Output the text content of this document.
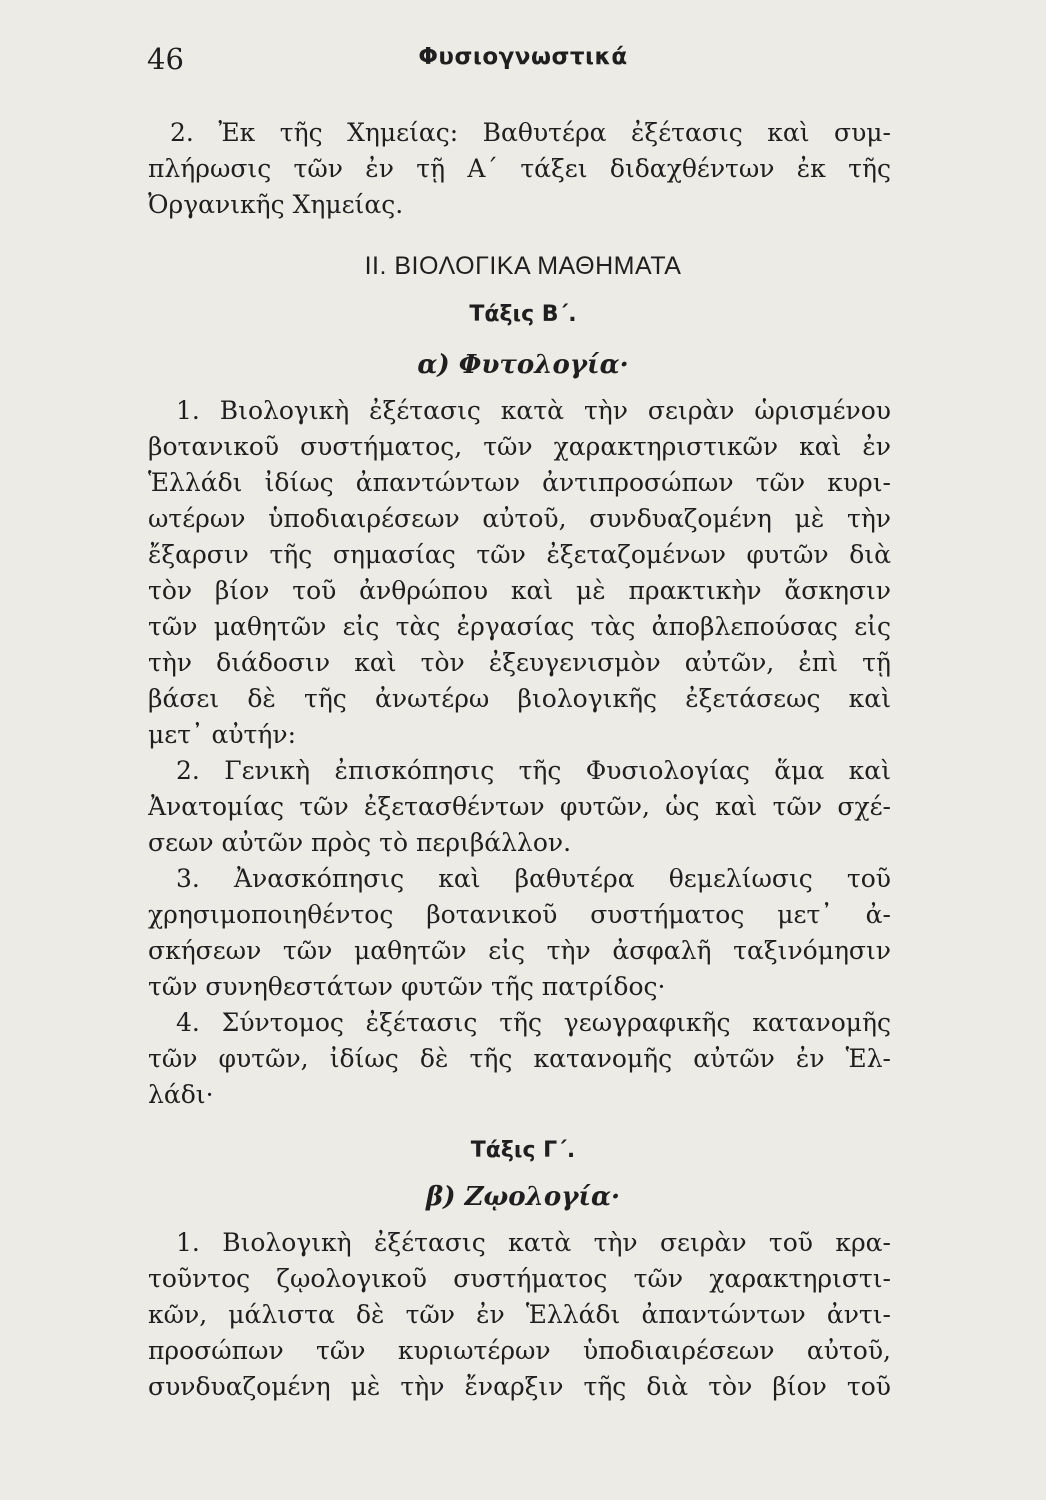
46	Φυσιογνωστικά
2. Ἐκ τῆς Χημείας: Βαθυτέρα ἐξέτασις καὶ συμ-
πλήρωσις τῶν ἐν τῇ Α΄ τάξει διδαχθέντων ἐκ τῆς
Ὀργανικῆς Χημείας.
II. ΒΙΟΛΟΓΙΚΑ ΜΑΘΗΜΑΤΑ
Τάξις Β΄.
α) Φυτολογία·
1. Βιολογικὴ ἐξέτασις κατὰ τὴν σειρὰν ὡρισμένου
βοτανικοῦ συστήματος, τῶν χαρακτηριστικῶν καὶ ἐν
Ἑλλάδι ἰδίως ἀπαντώντων ἀντιπροσώπων τῶν κυρι-
ωτέρων ὑποδιαιρέσεων αὐτοῦ, συνδυαζομένη μὲ τὴν
ἔξαρσιν τῆς σημασίας τῶν ἐξεταζομένων φυτῶν διὰ
τὸν βίον τοῦ ἀνθρώπου καὶ μὲ πρακτικὴν ἄσκησιν
τῶν μαθητῶν εἰς τὰς ἐργασίας τὰς ἀποβλεπούσας εἰς
τὴν διάδοσιν καὶ τὸν ἐξευγενισμὸν αὐτῶν, ἐπὶ τῇ
βάσει δὲ τῆς ἀνωτέρω βιολογικῆς ἐξετάσεως καὶ
μετ᾿ αὐτήν:
2. Γενικὴ ἐπισκόπησις τῆς Φυσιολογίας ἅμα καὶ
Ἀνατομίας τῶν ἐξετασθέντων φυτῶν, ὡς καὶ τῶν σχέ-
σεων αὐτῶν πρὸς τὸ περιβάλλον.
3. Ἀνασκόπησις καὶ βαθυτέρα θεμελίωσις τοῦ
χρησιμοποιηθέντος βοτανικοῦ συστήματος μετ᾿ ἀ-
σκήσεων τῶν μαθητῶν εἰς τὴν ἀσφαλῆ ταξινόμησιν
τῶν συνηθεστάτων φυτῶν τῆς πατρίδος·
4. Σύντομος ἐξέτασις τῆς γεωγραφικῆς κατανομῆς
τῶν φυτῶν, ἰδίως δὲ τῆς κατανομῆς αὐτῶν ἐν Ἑλ-
λάδι·
Τάξις Γ΄.
β) Ζῳολογία·
1. Βιολογικὴ ἐξέτασις κατὰ τὴν σειρὰν τοῦ κρα-
τοῦντος ζῳολογικοῦ συστήματος τῶν χαρακτηριστι-
κῶν, μάλιστα δὲ τῶν ἐν Ἑλλάδι ἀπαντώντων ἀντι-
προσώπων τῶν κυριωτέρων ὑποδιαιρέσεων αὐτοῦ,
συνδυαζομένη μὲ τὴν ἔναρξιν τῆς διὰ τὸν βίον τοῦ
